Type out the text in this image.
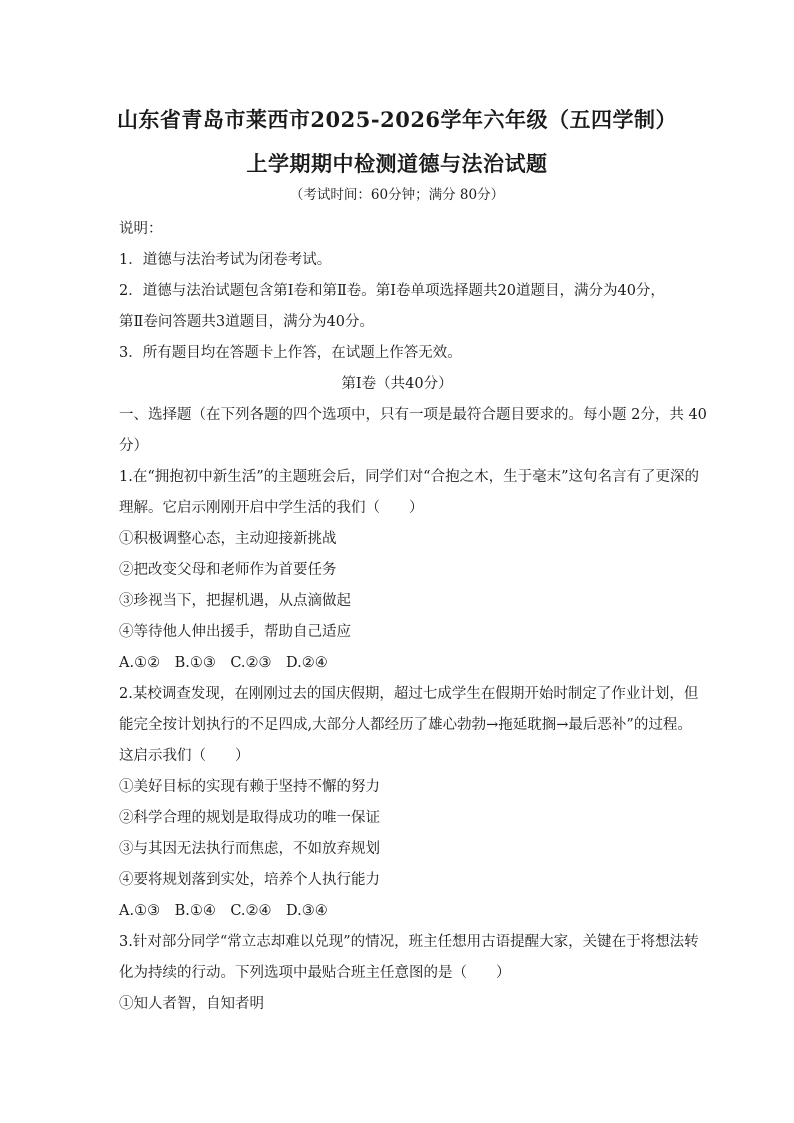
山东省青岛市莱西市2025-2026学年六年级（五四学制）
上学期期中检测道德与法治试题

（考试时间：60分钟；满分 80分）

说明：

1．道德与法治考试为闭卷考试。

2．道德与法治试题包含第Ⅰ卷和第Ⅱ卷。第Ⅰ卷单项选择题共20道题目，满分为40分，

第Ⅱ卷问答题共3道题目，满分为40分。

3．所有题目均在答题卡上作答，在试题上作答无效。

第Ⅰ卷（共40分）

一、选择题（在下列各题的四个选项中，只有一项是最符合题目要求的。每小题 2分，共 40

分）

1.在“拥抱初中新生活”的主题班会后，同学们对“合抱之木，生于毫末”这句名言有了更深的

理解。它启示刚刚开启中学生活的我们（　　）

①积极调整心态，主动迎接新挑战

②把改变父母和老师作为首要任务

③珍视当下，把握机遇，从点滴做起

④等待他人伸出援手，帮助自己适应

A.①②　B.①③　C.②③　D.②④

2.某校调查发现，在刚刚过去的国庆假期，超过七成学生在假期开始时制定了作业计划，但

能完全按计划执行的不足四成,大部分人都经历了雄心勃勃→拖延耽搁→最后恶补”的过程。

这启示我们（　　）

①美好目标的实现有赖于坚持不懈的努力

②科学合理的规划是取得成功的唯一保证

③与其因无法执行而焦虑，不如放弃规划

④要将规划落到实处，培养个人执行能力

A.①③　B.①④　C.②④　D.③④

3.针对部分同学“常立志却难以兑现”的情况，班主任想用古语提醒大家，关键在于将想法转

化为持续的行动。下列选项中最贴合班主任意图的是（　　）

①知人者智，自知者明
